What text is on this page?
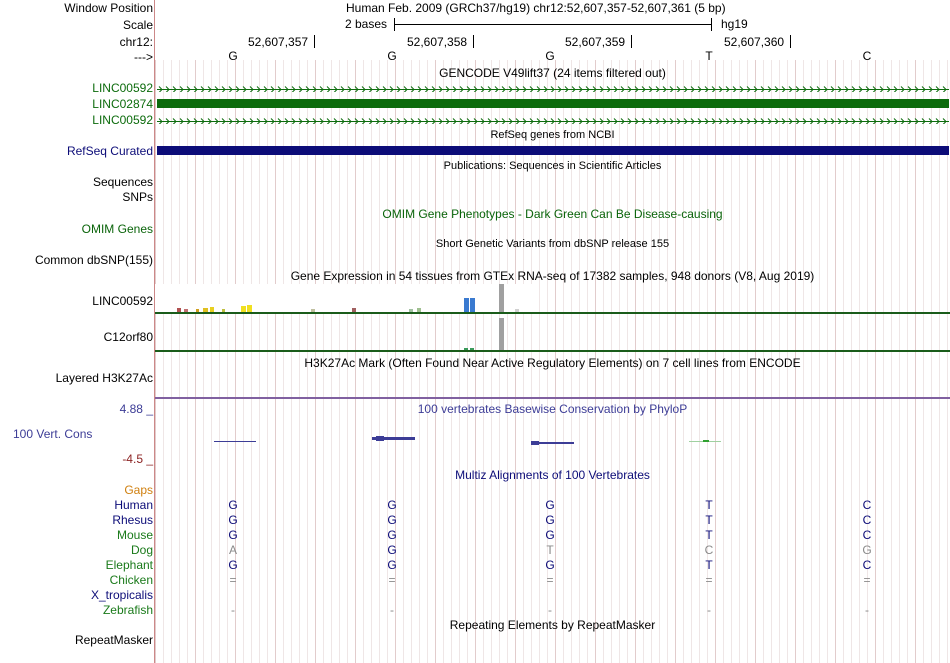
Window Position	Human Feb. 2009 (GRCh37/hg19) chr12:52,607,357-52,607,361 (5 bp)
Scale	2 bases	hg19
chr12:	52,607,357	52,607,358	52,607,359	52,607,360
--->	G	G	G	T	C
GENCODE V49lift37 (24 items filtered out)
LINC00592
LINC02874
LINC00592
RefSeq genes from NCBI
RefSeq Curated
Publications: Sequences in Scientific Articles
Sequences
SNPs
OMIM Gene Phenotypes - Dark Green Can Be Disease-causing
OMIM Genes
Short Genetic Variants from dbSNP release 155
Common dbSNP(155)
Gene Expression in 54 tissues from GTEx RNA-seq of 17382 samples, 948 donors (V8, Aug 2019)
LINC00592
C12orf80
H3K27Ac Mark (Often Found Near Active Regulatory Elements) on 7 cell lines from ENCODE
Layered H3K27Ac
4.88 _	100 vertebrates Basewise Conservation by PhyloP
100 Vert. Cons
-4.5 _
Multiz Alignments of 100 Vertebrates
Gaps
Human	G	G	G	T	C
Rhesus	G	G	G	T	C
Mouse	G	G	G	T	C
Dog	A	G	T	C	G
Elephant	G	G	G	T	C
Chicken	=	=	=	=	=
X_tropicalis
Zebrafish	-	-	-	-	-
Repeating Elements by RepeatMasker
RepeatMasker
